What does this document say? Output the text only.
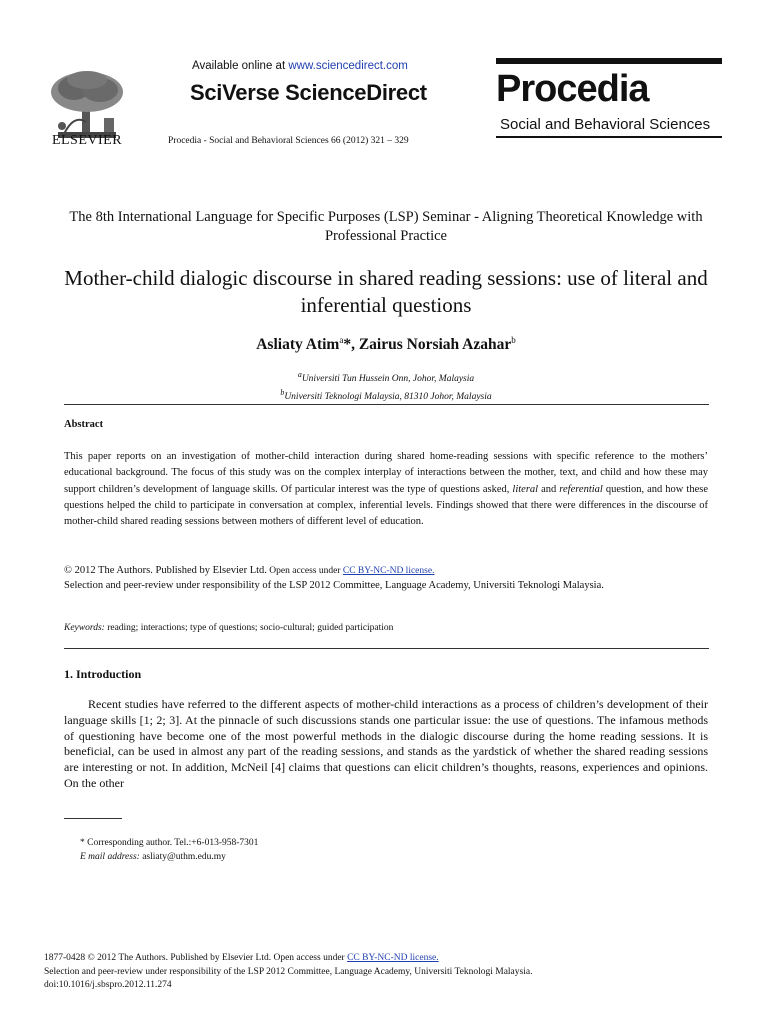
ELSEVIER
Available online at www.sciencedirect.com
SciVerse ScienceDirect
Procedia - Social and Behavioral Sciences 66 (2012) 321 – 329
Procedia
Social and Behavioral Sciences
The 8th International Language for Specific Purposes (LSP) Seminar - Aligning Theoretical Knowledge with Professional Practice
Mother-child dialogic discourse in shared reading sessions: use of literal and inferential questions
Asliaty Atim$^a$*, Zairus Norsiah Azahar$^b$
$^a$Universiti Tun Hussein Onn, Johor, Malaysia
$^b$Universiti Teknologi Malaysia, 81310 Johor, Malaysia
Abstract
This paper reports on an investigation of mother-child interaction during shared home-reading sessions with specific reference to the mothers’ educational background. The focus of this study was on the complex interplay of interactions between the mother, text, and child and how these may support children’s development of language skills. Of particular interest was the type of questions asked, literal and referential question, and how these questions helped the child to participate in conversation at complex, inferential levels. Findings showed that there were differences in the discourse of mother-child shared reading sessions between mothers of different level of education.
© 2012 The Authors. Published by Elsevier Ltd. Open access under CC BY-NC-ND license.
Selection and peer-review under responsibility of the LSP 2012 Committee, Language Academy, Universiti Teknologi Malaysia.
Keywords: reading; interactions; type of questions; socio-cultural; guided participation
1. Introduction
Recent studies have referred to the different aspects of mother-child interactions as a process of children’s development of their language skills [1; 2; 3]. At the pinnacle of such discussions stands one particular issue: the use of questions. The infamous methods of questioning have become one of the most powerful methods in the dialogic discourse during the home reading sessions. It is beneficial, can be used in almost any part of the reading sessions, and stands as the yardstick of whether the shared reading sessions are interesting or not. In addition, McNeil [4] claims that questions can elicit children’s thoughts, reasons, experiences and opinions. On the other
* Corresponding author. Tel.:+6-013-958-7301
E mail address: asliaty@uthm.edu.my
1877-0428 © 2012 The Authors. Published by Elsevier Ltd. Open access under CC BY-NC-ND license.
Selection and peer-review under responsibility of the LSP 2012 Committee, Language Academy, Universiti Teknologi Malaysia.
doi:10.1016/j.sbspro.2012.11.274
